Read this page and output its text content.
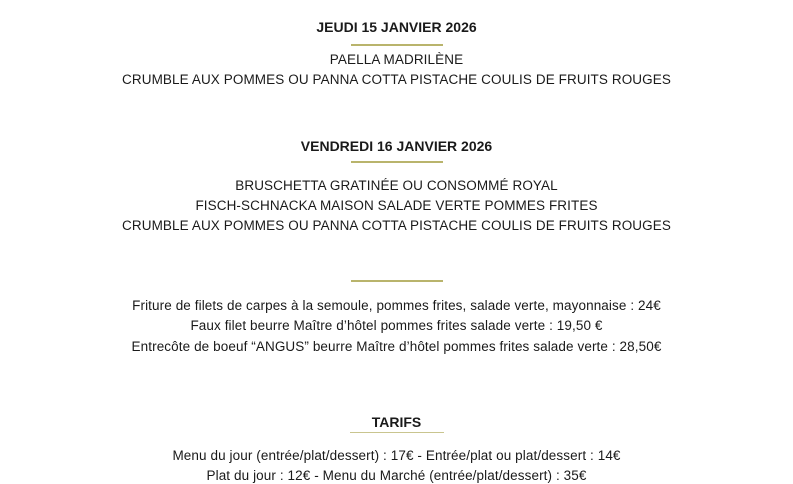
JEUDI 15 JANVIER 2026
PAELLA MADRILÈNE
CRUMBLE AUX POMMES OU PANNA COTTA PISTACHE COULIS DE FRUITS ROUGES
VENDREDI 16 JANVIER 2026
BRUSCHETTA GRATINÉE OU CONSOMMÉ ROYAL
FISCH-SCHNACKA MAISON SALADE VERTE POMMES FRITES
CRUMBLE AUX POMMES OU PANNA COTTA PISTACHE COULIS DE FRUITS ROUGES
Friture de filets de carpes à la semoule, pommes frites, salade verte, mayonnaise : 24€
Faux filet beurre Maître d’hôtel pommes frites salade verte : 19,50 €
Entrecôte de boeuf “ANGUS” beurre Maître d’hôtel pommes frites salade verte : 28,50€
TARIFS
Menu du jour (entrée/plat/dessert) : 17€ - Entrée/plat ou plat/dessert : 14€
Plat du jour : 12€ - Menu du Marché (entrée/plat/dessert) : 35€
